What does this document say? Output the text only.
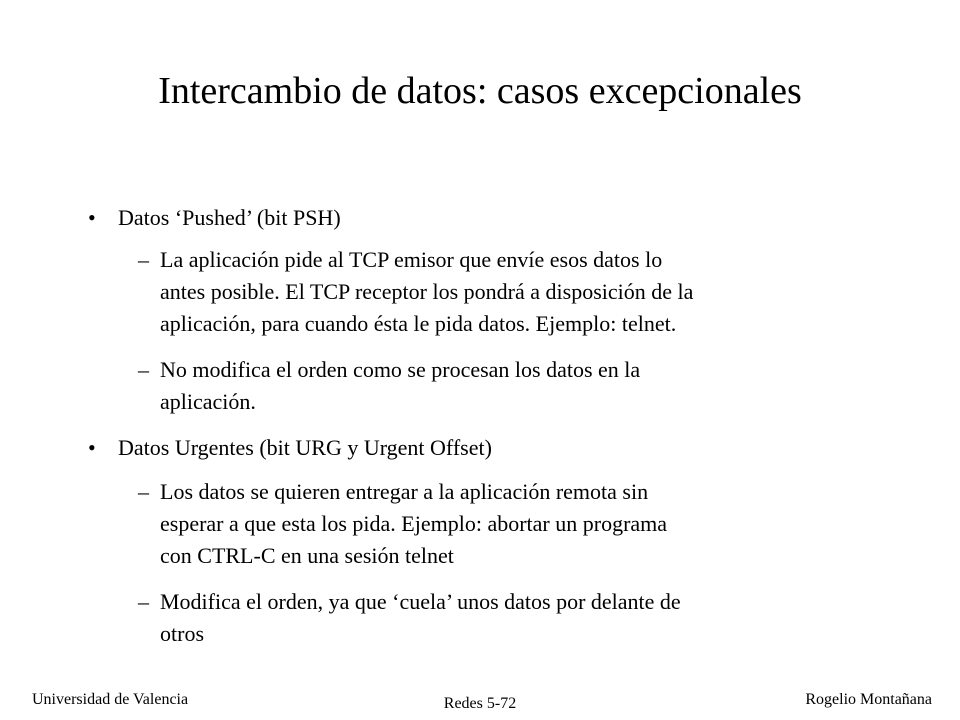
Intercambio de datos: casos excepcionales
• Datos ‘Pushed’ (bit PSH)
– La aplicación pide al TCP emisor que envíe esos datos lo
antes posible. El TCP receptor los pondrá a disposición de la
aplicación, para cuando ésta le pida datos. Ejemplo: telnet.
– No modifica el orden como se procesan los datos en la
aplicación.
• Datos Urgentes (bit URG y Urgent Offset)
– Los datos se quieren entregar a la aplicación remota sin
esperar a que esta los pida. Ejemplo: abortar un programa
con CTRL-C en una sesión telnet
– Modifica el orden, ya que ‘cuela’ unos datos por delante de
otros
Universidad de Valencia	Redes 5-72	Rogelio Montañana
